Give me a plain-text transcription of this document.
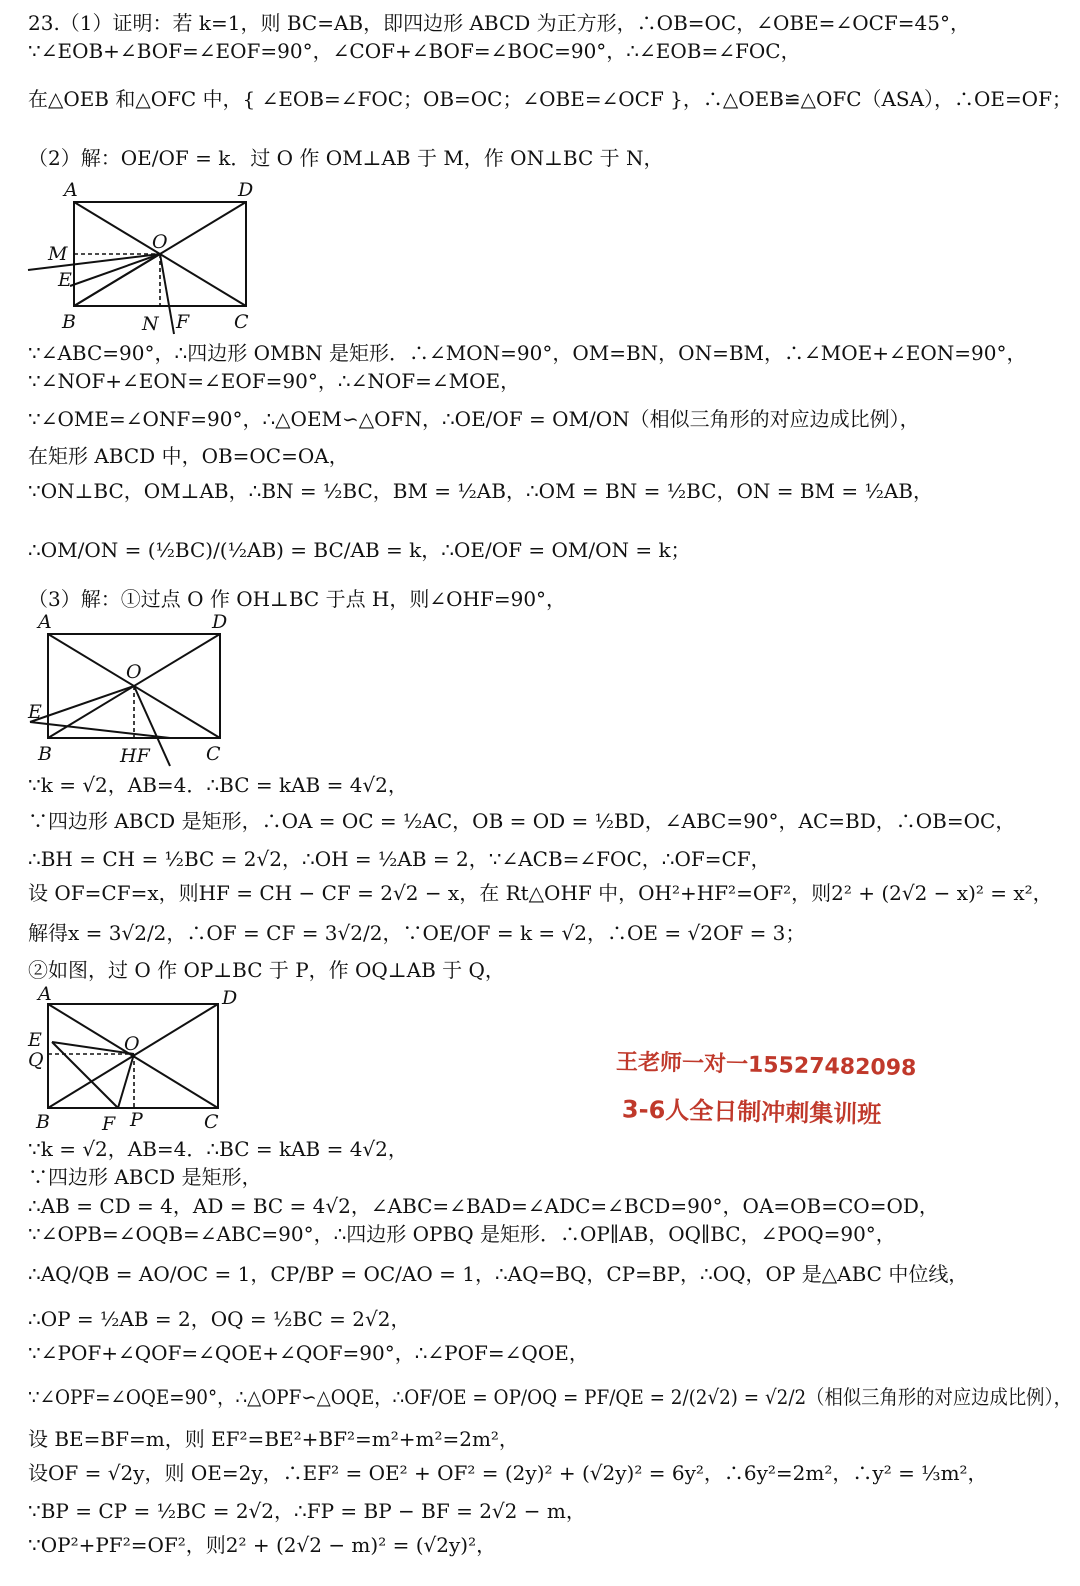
23.（1）证明：若 k=1，则 BC=AB，即四边形 ABCD 为正方形，∴OB=OC，∠OBE=∠OCF=45°，
∵∠EOB+∠BOF=∠EOF=90°，∠COF+∠BOF=∠BOC=90°，∴∠EOB=∠FOC，
在△OEB 和△OFC 中，{ ∠EOB=∠FOC；OB=OC；∠OBE=∠OCF }，∴△OEB≌△OFC（ASA），∴OE=OF；
（2）解：OE/OF = k．过 O 作 OM⊥AB 于 M，作 ON⊥BC 于 N，
∵∠ABC=90°，∴四边形 OMBN 是矩形．∴∠MON=90°，OM=BN，ON=BM，∴∠MOE+∠EON=90°，
∵∠NOF+∠EON=∠EOF=90°，∴∠NOF=∠MOE，
∵∠OME=∠ONF=90°，∴△OEM∽△OFN，∴OE/OF = OM/ON（相似三角形的对应边成比例），
在矩形 ABCD 中，OB=OC=OA，
∵ON⊥BC，OM⊥AB，∴BN = ½BC，BM = ½AB，∴OM = BN = ½BC，ON = BM = ½AB，
∴OM/ON = (½BC)/(½AB) = BC/AB = k，∴OE/OF = OM/ON = k；
（3）解：①过点 O 作 OH⊥BC 于点 H，则∠OHF=90°，
∵k = √2，AB=4．∴BC = kAB = 4√2，
∵四边形 ABCD 是矩形，∴OA = OC = ½AC，OB = OD = ½BD，∠ABC=90°，AC=BD，∴OB=OC，
∴BH = CH = ½BC = 2√2，∴OH = ½AB = 2，∵∠ACB=∠FOC，∴OF=CF，
设 OF=CF=x，则HF = CH − CF = 2√2 − x，在 Rt△OHF 中，OH²+HF²=OF²，则2² + (2√2 − x)² = x²，
解得x = 3√2/2，∴OF = CF = 3√2/2，∵OE/OF = k = √2，∴OE = √2OF = 3；
②如图，过 O 作 OP⊥BC 于 P，作 OQ⊥AB 于 Q，
∵k = √2，AB=4．∴BC = kAB = 4√2，
∵四边形 ABCD 是矩形，
∴AB = CD = 4，AD = BC = 4√2，∠ABC=∠BAD=∠ADC=∠BCD=90°，OA=OB=CO=OD，
∵∠OPB=∠OQB=∠ABC=90°，∴四边形 OPBQ 是矩形．∴OP∥AB，OQ∥BC，∠POQ=90°，
∴AQ/QB = AO/OC = 1，CP/BP = OC/AO = 1，∴AQ=BQ，CP=BP，∴OQ，OP 是△ABC 中位线，
∴OP = ½AB = 2，OQ = ½BC = 2√2，
∵∠POF+∠QOF=∠QOE+∠QOF=90°，∴∠POF=∠QOE，
∵∠OPF=∠OQE=90°，∴△OPF∽△OQE，∴OF/OE = OP/OQ = PF/QE = 2/(2√2) = √2/2（相似三角形的对应边成比例），
设 BE=BF=m，则 EF²=BE²+BF²=m²+m²=2m²，
设OF = √2y，则 OE=2y，∴EF² = OE² + OF² = (2y)² + (√2y)² = 6y²，∴6y²=2m²，∴y² = ⅓m²，
∵BP = CP = ½BC = 2√2，∴FP = BP − BF = 2√2 − m，
∵OP²+PF²=OF²，则2² + (2√2 − m)² = (√2y)²，
A	D
M
O
E
B	N F C
A	D
O
E
B	HF	C
A	D
E
Q
O
B	F P	C
王老师一对一15527482098
3-6人全日制冲刺集训班
